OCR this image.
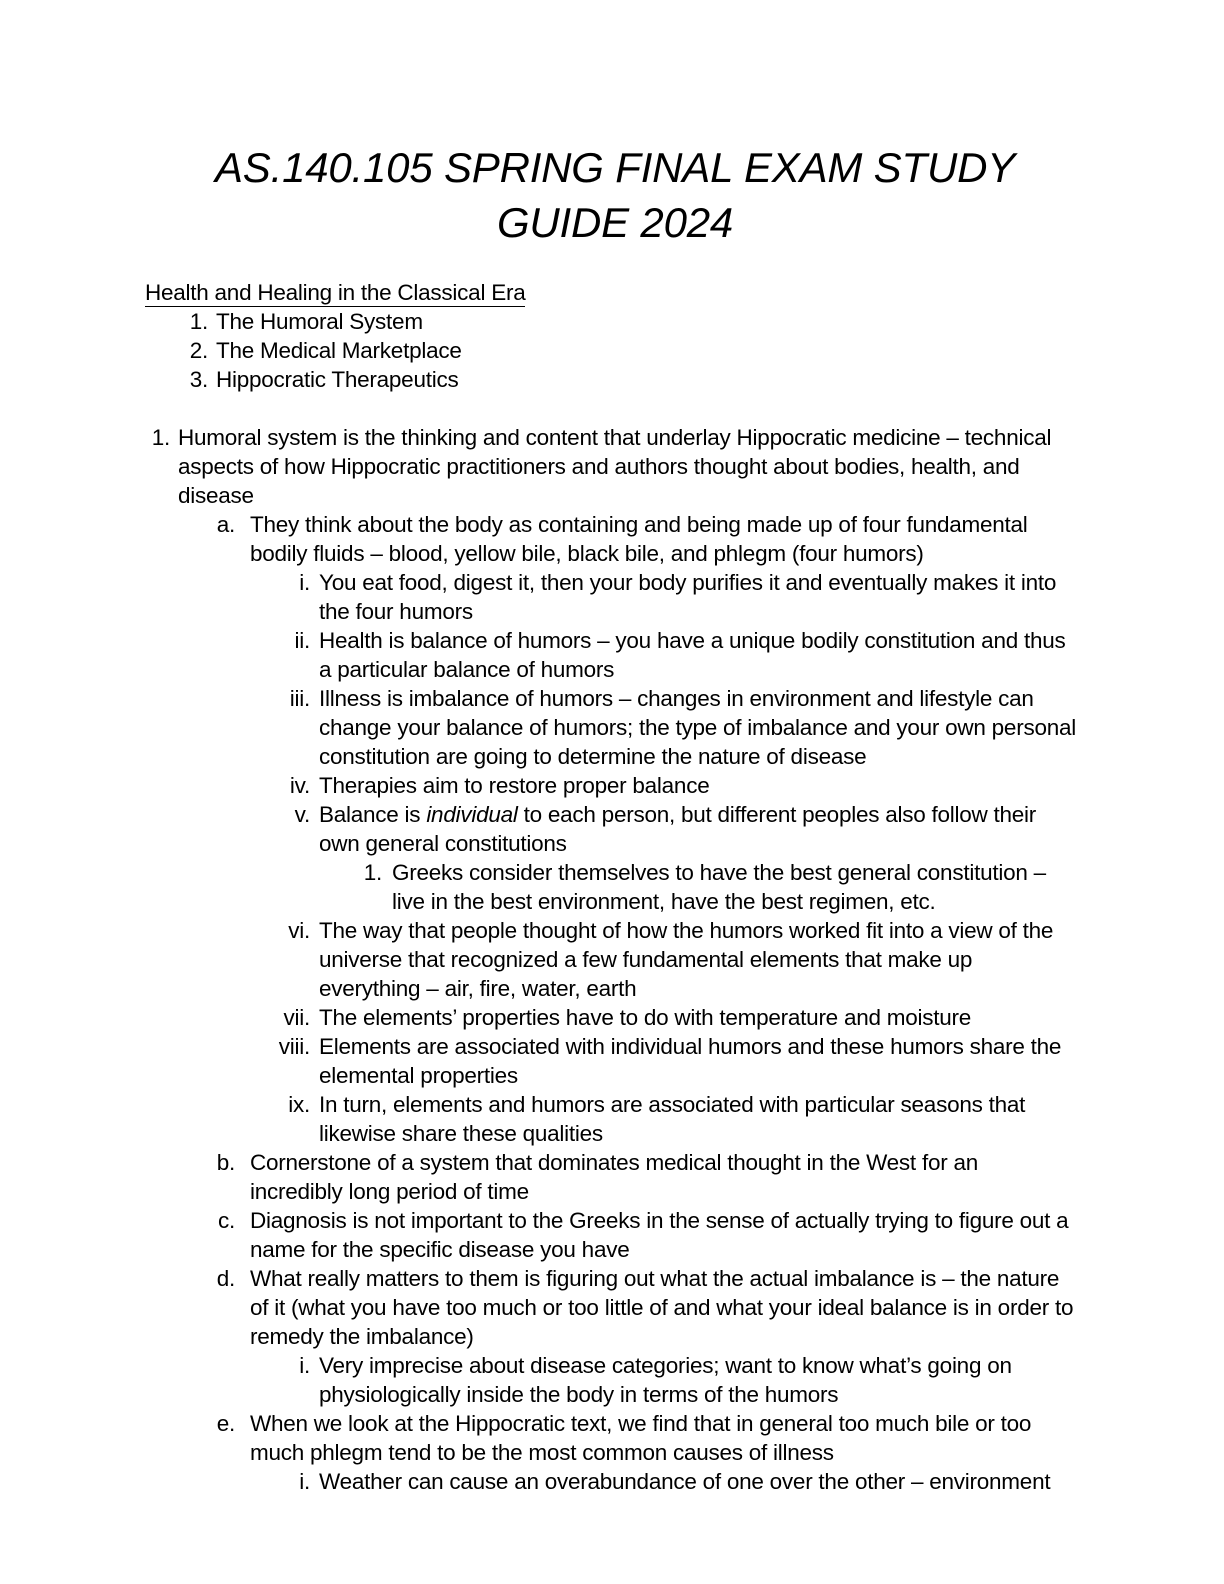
AS.140.105 SPRING FINAL EXAM STUDY GUIDE 2024
Health and Healing in the Classical Era
1. The Humoral System
2. The Medical Marketplace
3. Hippocratic Therapeutics
1. Humoral system is the thinking and content that underlay Hippocratic medicine – technical aspects of how Hippocratic practitioners and authors thought about bodies, health, and disease
a. They think about the body as containing and being made up of four fundamental bodily fluids – blood, yellow bile, black bile, and phlegm (four humors)
i. You eat food, digest it, then your body purifies it and eventually makes it into the four humors
ii. Health is balance of humors – you have a unique bodily constitution and thus a particular balance of humors
iii. Illness is imbalance of humors – changes in environment and lifestyle can change your balance of humors; the type of imbalance and your own personal constitution are going to determine the nature of disease
iv. Therapies aim to restore proper balance
v. Balance is individual to each person, but different peoples also follow their own general constitutions
1. Greeks consider themselves to have the best general constitution – live in the best environment, have the best regimen, etc.
vi. The way that people thought of how the humors worked fit into a view of the universe that recognized a few fundamental elements that make up everything – air, fire, water, earth
vii. The elements’ properties have to do with temperature and moisture
viii. Elements are associated with individual humors and these humors share the elemental properties
ix. In turn, elements and humors are associated with particular seasons that likewise share these qualities
b. Cornerstone of a system that dominates medical thought in the West for an incredibly long period of time
c. Diagnosis is not important to the Greeks in the sense of actually trying to figure out a name for the specific disease you have
d. What really matters to them is figuring out what the actual imbalance is – the nature of it (what you have too much or too little of and what your ideal balance is in order to remedy the imbalance)
i. Very imprecise about disease categories; want to know what’s going on physiologically inside the body in terms of the humors
e. When we look at the Hippocratic text, we find that in general too much bile or too much phlegm tend to be the most common causes of illness
i. Weather can cause an overabundance of one over the other – environment
